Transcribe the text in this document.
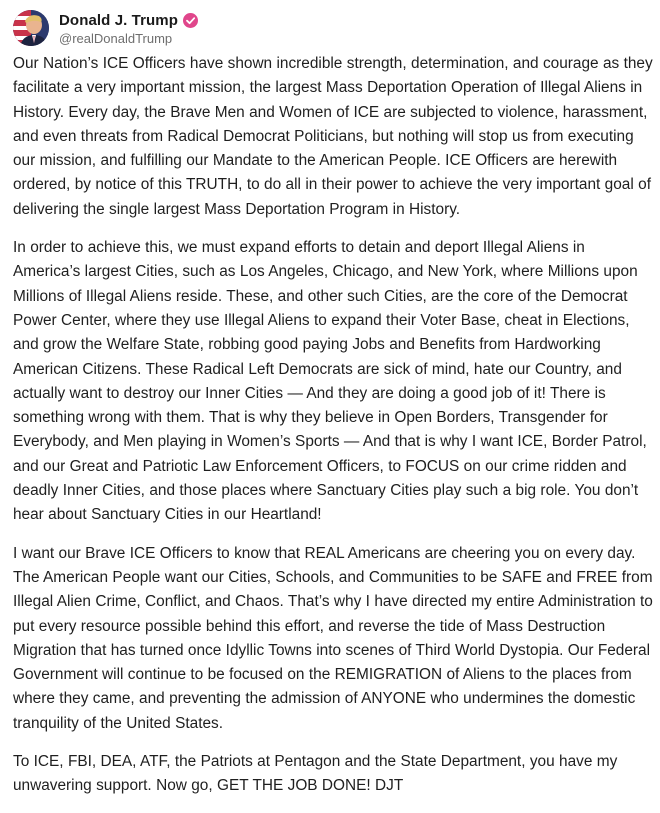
Donald J. Trump
@realDonaldTrump

Our Nation’s ICE Officers have shown incredible strength, determination, and courage as they facilitate a very important mission, the largest Mass Deportation Operation of Illegal Aliens in History. Every day, the Brave Men and Women of ICE are subjected to violence, harassment, and even threats from Radical Democrat Politicians, but nothing will stop us from executing our mission, and fulfilling our Mandate to the American People. ICE Officers are herewith ordered, by notice of this TRUTH, to do all in their power to achieve the very important goal of delivering the single largest Mass Deportation Program in History.

In order to achieve this, we must expand efforts to detain and deport Illegal Aliens in America’s largest Cities, such as Los Angeles, Chicago, and New York, where Millions upon Millions of Illegal Aliens reside. These, and other such Cities, are the core of the Democrat Power Center, where they use Illegal Aliens to expand their Voter Base, cheat in Elections, and grow the Welfare State, robbing good paying Jobs and Benefits from Hardworking American Citizens. These Radical Left Democrats are sick of mind, hate our Country, and actually want to destroy our Inner Cities — And they are doing a good job of it! There is something wrong with them. That is why they believe in Open Borders, Transgender for Everybody, and Men playing in Women’s Sports — And that is why I want ICE, Border Patrol, and our Great and Patriotic Law Enforcement Officers, to FOCUS on our crime ridden and deadly Inner Cities, and those places where Sanctuary Cities play such a big role. You don’t hear about Sanctuary Cities in our Heartland!

I want our Brave ICE Officers to know that REAL Americans are cheering you on every day. The American People want our Cities, Schools, and Communities to be SAFE and FREE from Illegal Alien Crime, Conflict, and Chaos. That’s why I have directed my entire Administration to put every resource possible behind this effort, and reverse the tide of Mass Destruction Migration that has turned once Idyllic Towns into scenes of Third World Dystopia. Our Federal Government will continue to be focused on the REMIGRATION of Aliens to the places from where they came, and preventing the admission of ANYONE who undermines the domestic tranquility of the United States.

To ICE, FBI, DEA, ATF, the Patriots at Pentagon and the State Department, you have my unwavering support. Now go, GET THE JOB DONE! DJT
